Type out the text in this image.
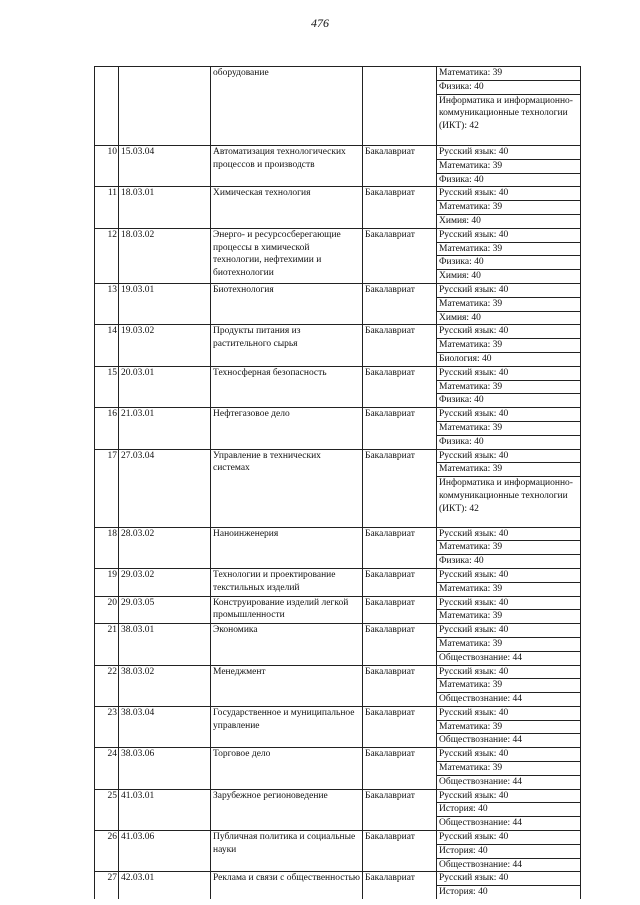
476
		оборудование		Математика: 39
Физика: 40
Информатика и информационно-коммуникационные технологии (ИКТ): 42

10	15.03.04	Автоматизация технологических процессов и производств	Бакалавриат	Русский язык: 40
Математика: 39
Физика: 40

11	18.03.01	Химическая технология	Бакалавриат	Русский язык: 40
Математика: 39
Химия: 40

12	18.03.02	Энерго- и ресурсосберегающие процессы в химической технологии, нефтехимии и биотехнологии	Бакалавриат	Русский язык: 40
Математика: 39
Физика: 40
Химия: 40

13	19.03.01	Биотехнология	Бакалавриат	Русский язык: 40
Математика: 39
Химия: 40

14	19.03.02	Продукты питания из растительного сырья	Бакалавриат	Русский язык: 40
Математика: 39
Биология: 40

15	20.03.01	Техносферная безопасность	Бакалавриат	Русский язык: 40
Математика: 39
Физика: 40

16	21.03.01	Нефтегазовое дело	Бакалавриат	Русский язык: 40
Математика: 39
Физика: 40

17	27.03.04	Управление в технических системах	Бакалавриат	Русский язык: 40
Математика: 39
Информатика и информационно-коммуникационные технологии (ИКТ): 42

18	28.03.02	Наноинженерия	Бакалавриат	Русский язык: 40
Математика: 39
Физика: 40

19	29.03.02	Технологии и проектирование текстильных изделий	Бакалавриат	Русский язык: 40
Математика: 39

20	29.03.05	Конструирование изделий легкой промышленности	Бакалавриат	Русский язык: 40
Математика: 39

21	38.03.01	Экономика	Бакалавриат	Русский язык: 40
Математика: 39
Обществознание: 44

22	38.03.02	Менеджмент	Бакалавриат	Русский язык: 40
Математика: 39
Обществознание: 44

23	38.03.04	Государственное и муниципальное управление	Бакалавриат	Русский язык: 40
Математика: 39
Обществознание: 44

24	38.03.06	Торговое дело	Бакалавриат	Русский язык: 40
Математика: 39
Обществознание: 44

25	41.03.01	Зарубежное регионоведение	Бакалавриат	Русский язык: 40
История: 40
Обществознание: 44

26	41.03.06	Публичная политика и социальные науки	Бакалавриат	Русский язык: 40
История: 40
Обществознание: 44

27	42.03.01	Реклама и связи с общественностью	Бакалавриат	Русский язык: 40
История: 40
